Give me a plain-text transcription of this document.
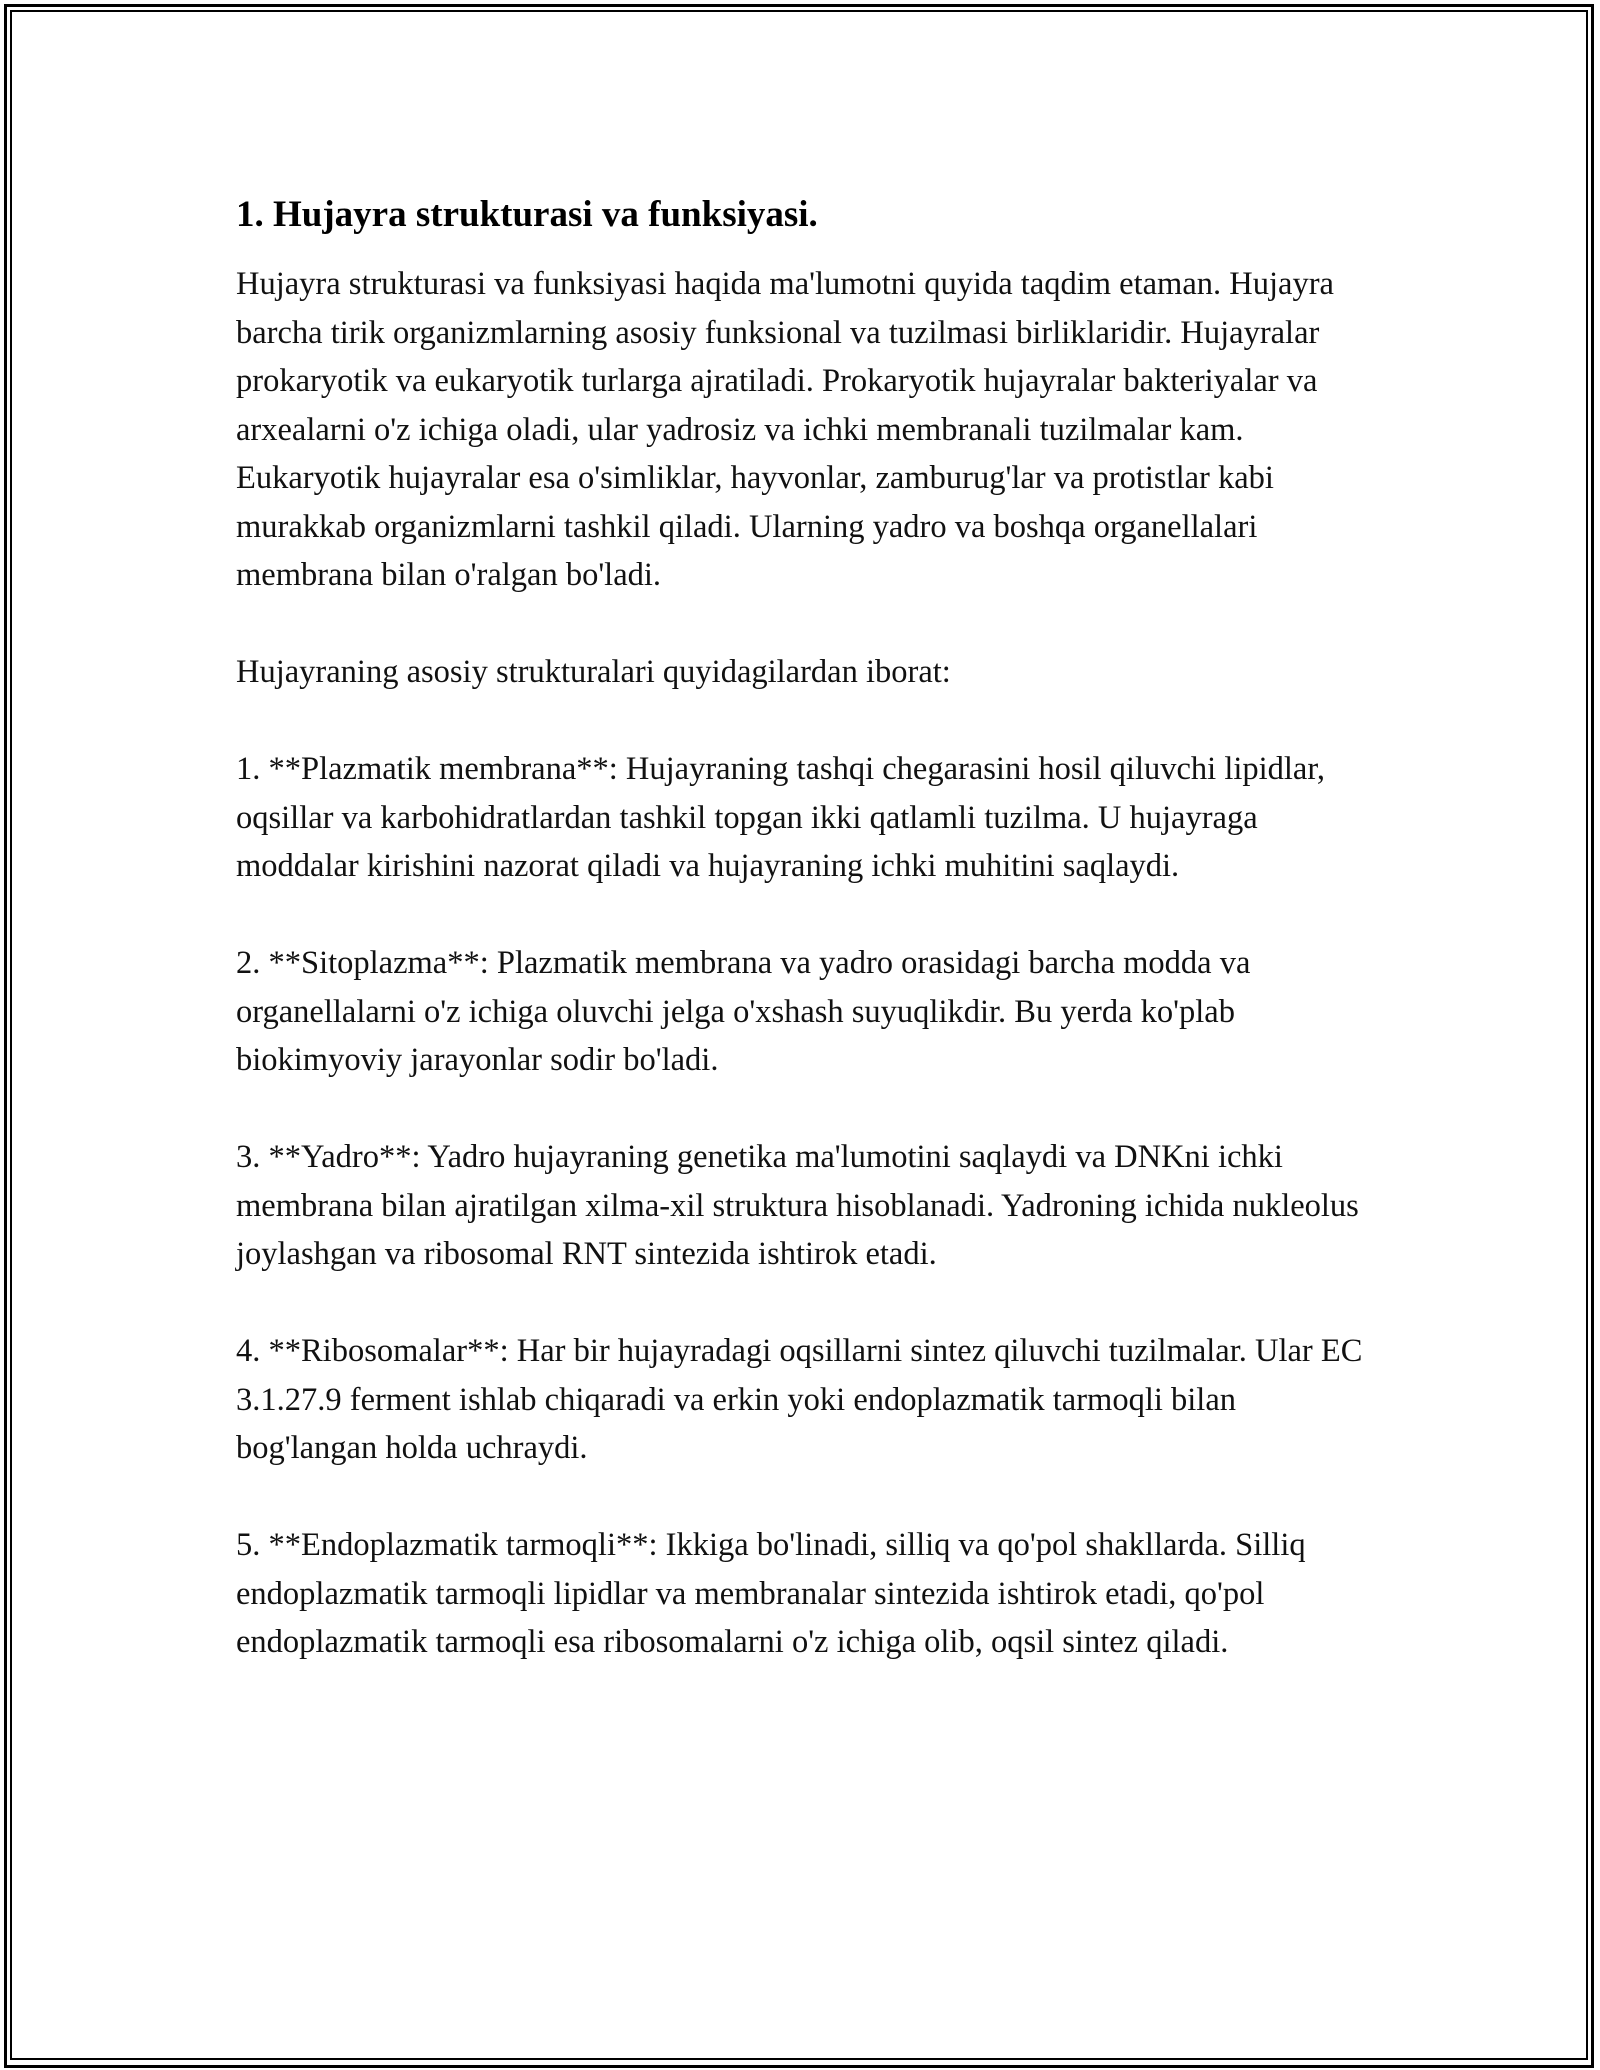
1. Hujayra strukturasi va funksiyasi.

Hujayra strukturasi va funksiyasi haqida ma'lumotni quyida taqdim etaman. Hujayra barcha tirik organizmlarning asosiy funksional va tuzilmasi birliklaridir. Hujayralar prokaryotik va eukaryotik turlarga ajratiladi. Prokaryotik hujayralar bakteriyalar va arxealarni o'z ichiga oladi, ular yadrosiz va ichki membranali tuzilmalar kam. Eukaryotik hujayralar esa o'simliklar, hayvonlar, zamburug'lar va protistlar kabi murakkab organizmlarni tashkil qiladi. Ularning yadro va boshqa organellalari membrana bilan o'ralgan bo'ladi.

Hujayraning asosiy strukturalari quyidagilardan iborat:

1. **Plazmatik membrana**: Hujayraning tashqi chegarasini hosil qiluvchi lipidlar, oqsillar va karbohidratlardan tashkil topgan ikki qatlamli tuzilma. U hujayraga moddalar kirishini nazorat qiladi va hujayraning ichki muhitini saqlaydi.

2. **Sitoplazma**: Plazmatik membrana va yadro orasidagi barcha modda va organellalarni o'z ichiga oluvchi jelga o'xshash suyuqlikdir. Bu yerda ko'plab biokimyoviy jarayonlar sodir bo'ladi.

3. **Yadro**: Yadro hujayraning genetika ma'lumotini saqlaydi va DNKni ichki membrana bilan ajratilgan xilma-xil struktura hisoblanadi. Yadroning ichida nukleolus joylashgan va ribosomal RNT sintezida ishtirok etadi.

4. **Ribosomalar**: Har bir hujayradagi oqsillarni sintez qiluvchi tuzilmalar. Ular EC 3.1.27.9 ferment ishlab chiqaradi va erkin yoki endoplazmatik tarmoqli bilan bog'langan holda uchraydi.

5. **Endoplazmatik tarmoqli**: Ikkiga bo'linadi, silliq va qo'pol shakllarda. Silliq endoplazmatik tarmoqli lipidlar va membranalar sintezida ishtirok etadi, qo'pol endoplazmatik tarmoqli esa ribosomalarni o'z ichiga olib, oqsil sintez qiladi.
